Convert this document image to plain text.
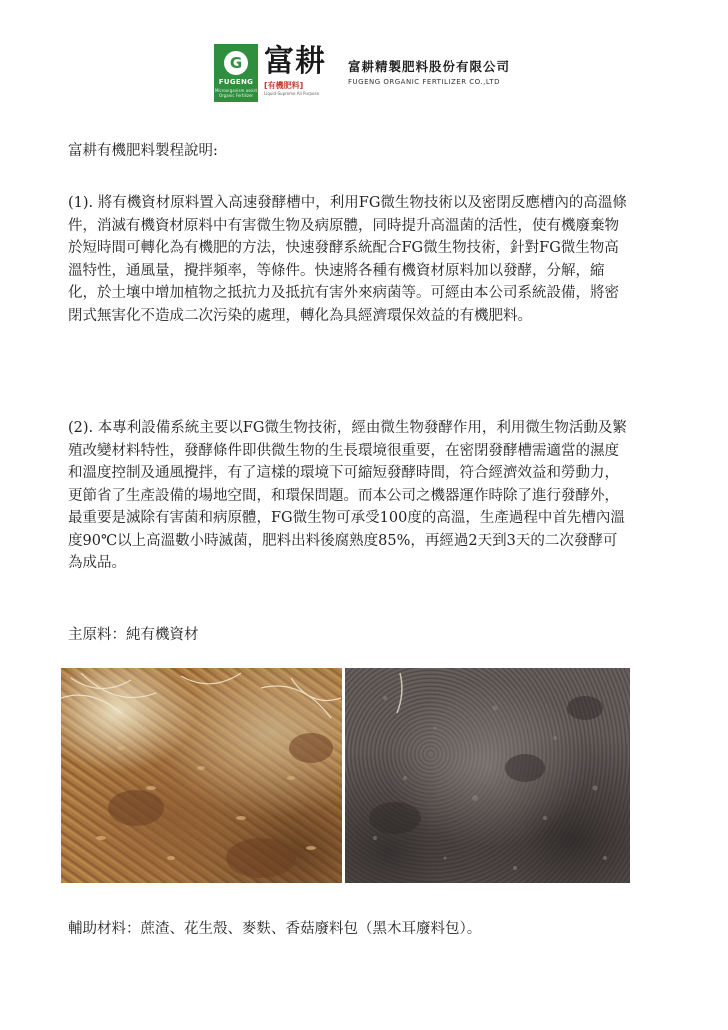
G
FUGENG
Microorganism assist Organic Fertilizer
富耕
[有機肥料]
Liquid-Supreme All Purpose
富耕精製肥料股份有限公司
FUGENG ORGANIC FERTILIZER CO.,LTD

富耕有機肥料製程說明:

(1). 將有機資材原料置入高速發酵槽中，利用FG微生物技術以及密閉反應槽內的高溫條件，消滅有機資材原料中有害微生物及病原體，同時提升高溫菌的活性，使有機廢棄物於短時間可轉化為有機肥的方法，快速發酵系統配合FG微生物技術，針對FG微生物高溫特性，通風量，攪拌頻率，等條件。快速將各種有機資材原料加以發酵，分解，縮化，於土壤中增加植物之抵抗力及抵抗有害外來病菌等。可經由本公司系統設備，將密閉式無害化不造成二次污染的處理，轉化為具經濟環保效益的有機肥料。

(2). 本專利設備系統主要以FG微生物技術，經由微生物發酵作用，利用微生物活動及繁殖改變材料特性，發酵條件即供微生物的生長環境很重要，在密閉發酵槽需適當的濕度和溫度控制及通風攪拌，有了這樣的環境下可縮短發酵時間，符合經濟效益和勞動力，更節省了生產設備的場地空間，和環保問題。而本公司之機器運作時除了進行發酵外，最重要是滅除有害菌和病原體，FG微生物可承受100度的高溫，生產過程中首先槽內溫度90℃以上高溫數小時滅菌，肥料出料後腐熟度85%，再經過2天到3天的二次發酵可為成品。

主原料：純有機資材

輔助材料：蔗渣、花生殼、麥麩、香菇廢料包（黑木耳廢料包）。
